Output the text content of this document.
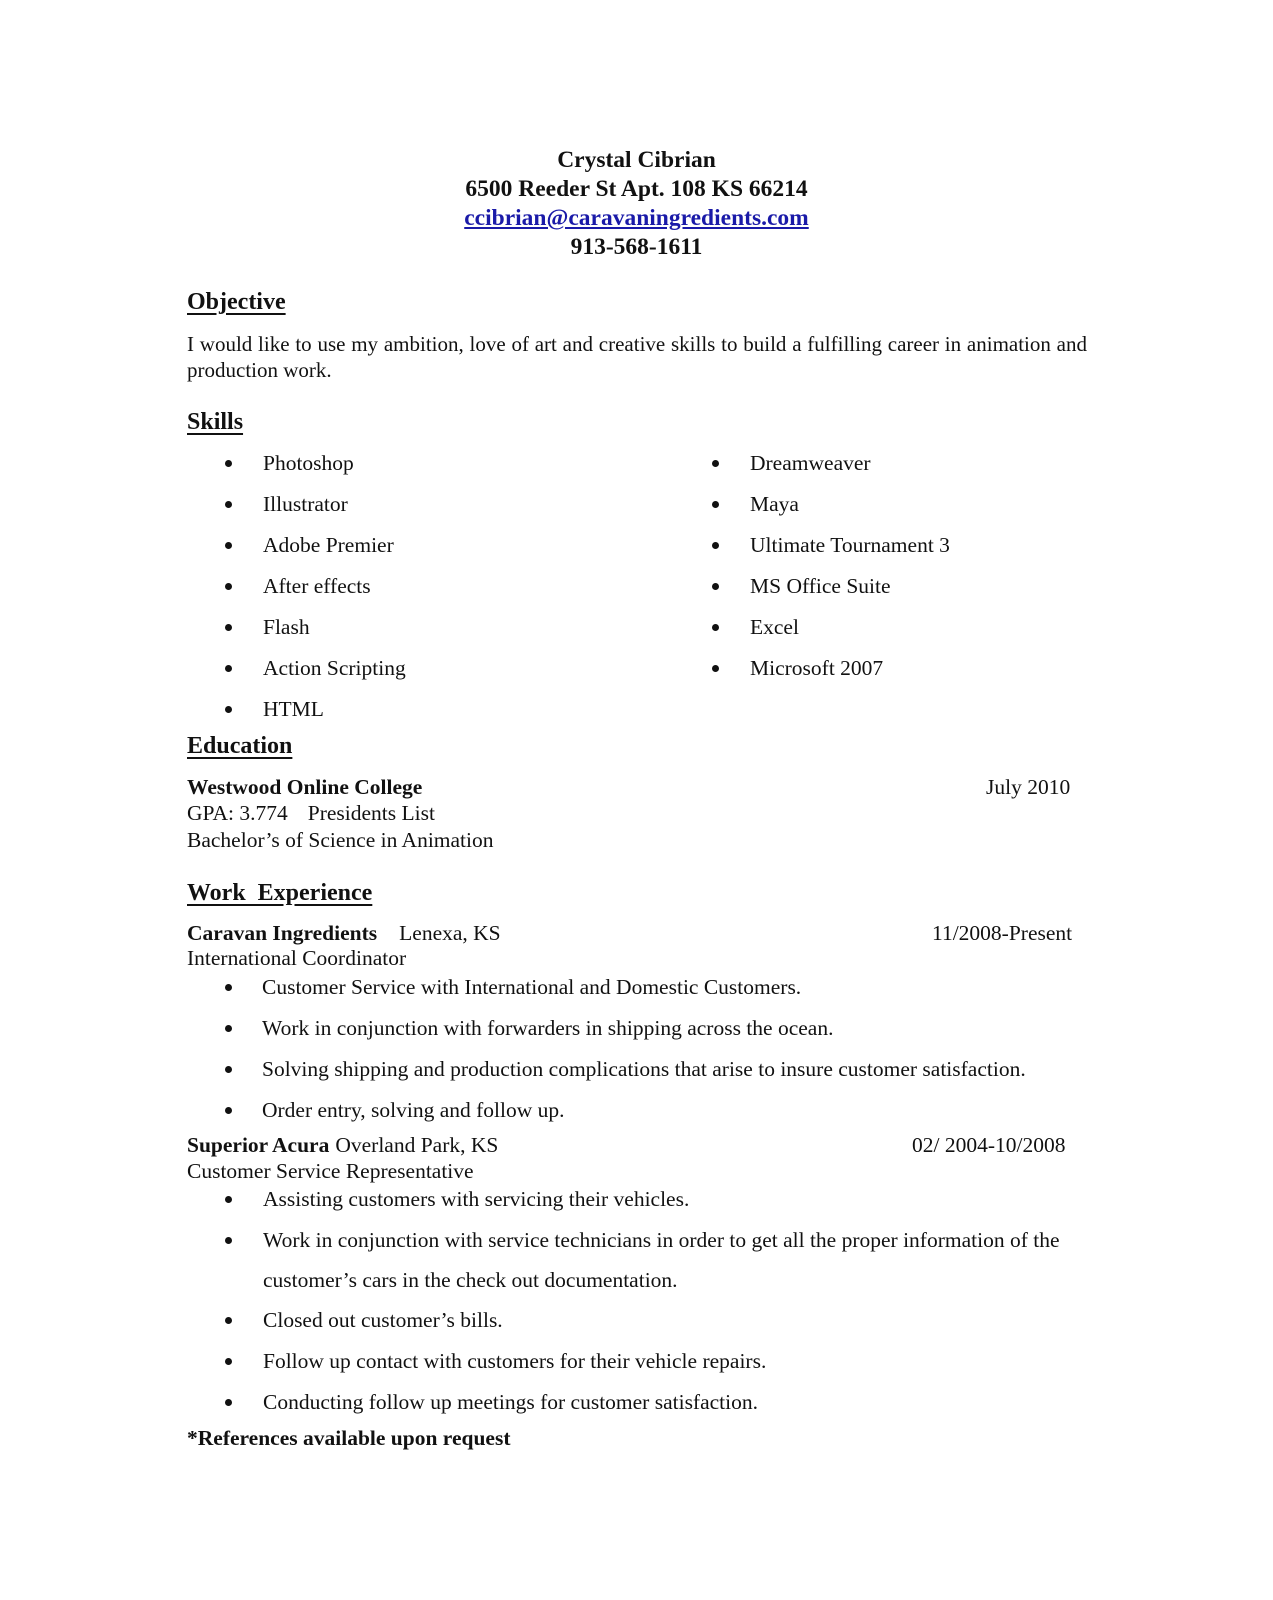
Crystal Cibrian
6500 Reeder St Apt. 108 KS 66214
ccibrian@caravaningredients.com
913-568-1611
Objective
I would like to use my ambition, love of art and creative skills to build a fulfilling career in animation and production work.
Skills
Photoshop
Illustrator
Adobe Premier
After effects
Flash
Action Scripting
HTML
Dreamweaver
Maya
Ultimate Tournament 3
MS Office Suite
Excel
Microsoft 2007
Education
Westwood Online College	July 2010
GPA: 3.774 Presidents List
Bachelor’s of Science in Animation
Work  Experience
Caravan Ingredients Lenexa, KS	11/2008-Present
International Coordinator
Customer Service with International and Domestic Customers.
Work in conjunction with forwarders in shipping across the ocean.
Solving shipping and production complications that arise to insure customer satisfaction.
Order entry, solving and follow up.
Superior Acura Overland Park, KS	02/ 2004-10/2008
Customer Service Representative
Assisting customers with servicing their vehicles.
Work in conjunction with service technicians in order to get all the proper information of the customer’s cars in the check out documentation.
Closed out customer’s bills.
Follow up contact with customers for their vehicle repairs.
Conducting follow up meetings for customer satisfaction.
*References available upon request
